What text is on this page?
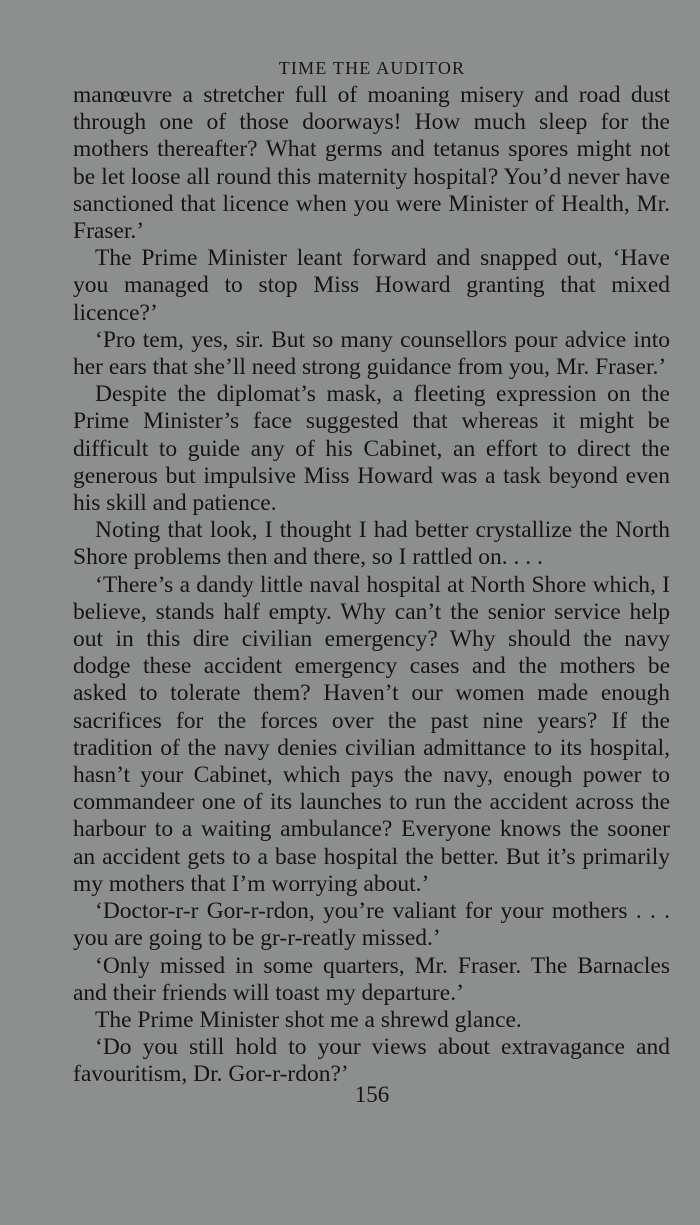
TIME THE AUDITOR

manœuvre a stretcher full of moaning misery and road dust through one of those doorways! How much sleep for the mothers thereafter? What germs and tetanus spores might not be let loose all round this maternity hospital? You’d never have sanctioned that licence when you were Minister of Health, Mr. Fraser.’

The Prime Minister leant forward and snapped out, ‘Have you managed to stop Miss Howard granting that mixed licence?’

‘Pro tem, yes, sir. But so many counsellors pour advice into her ears that she’ll need strong guidance from you, Mr. Fraser.’

Despite the diplomat’s mask, a fleeting expression on the Prime Minister’s face suggested that whereas it might be difficult to guide any of his Cabinet, an effort to direct the generous but impulsive Miss Howard was a task beyond even his skill and patience.

Noting that look, I thought I had better crystallize the North Shore problems then and there, so I rattled on. . . .

‘There’s a dandy little naval hospital at North Shore which, I believe, stands half empty. Why can’t the senior service help out in this dire civilian emergency? Why should the navy dodge these accident emergency cases and the mothers be asked to tolerate them? Haven’t our women made enough sacrifices for the forces over the past nine years? If the tradition of the navy denies civilian admittance to its hospital, hasn’t your Cabinet, which pays the navy, enough power to commandeer one of its launches to run the accident across the harbour to a waiting ambulance? Everyone knows the sooner an accident gets to a base hospital the better. But it’s primarily my mothers that I’m worrying about.’

‘Doctor-r-r Gor-r-rdon, you’re valiant for your mothers . . . you are going to be gr-r-reatly missed.’

‘Only missed in some quarters, Mr. Fraser. The Barnacles and their friends will toast my departure.’

The Prime Minister shot me a shrewd glance.

‘Do you still hold to your views about extravagance and favouritism, Dr. Gor-r-rdon?’

156
